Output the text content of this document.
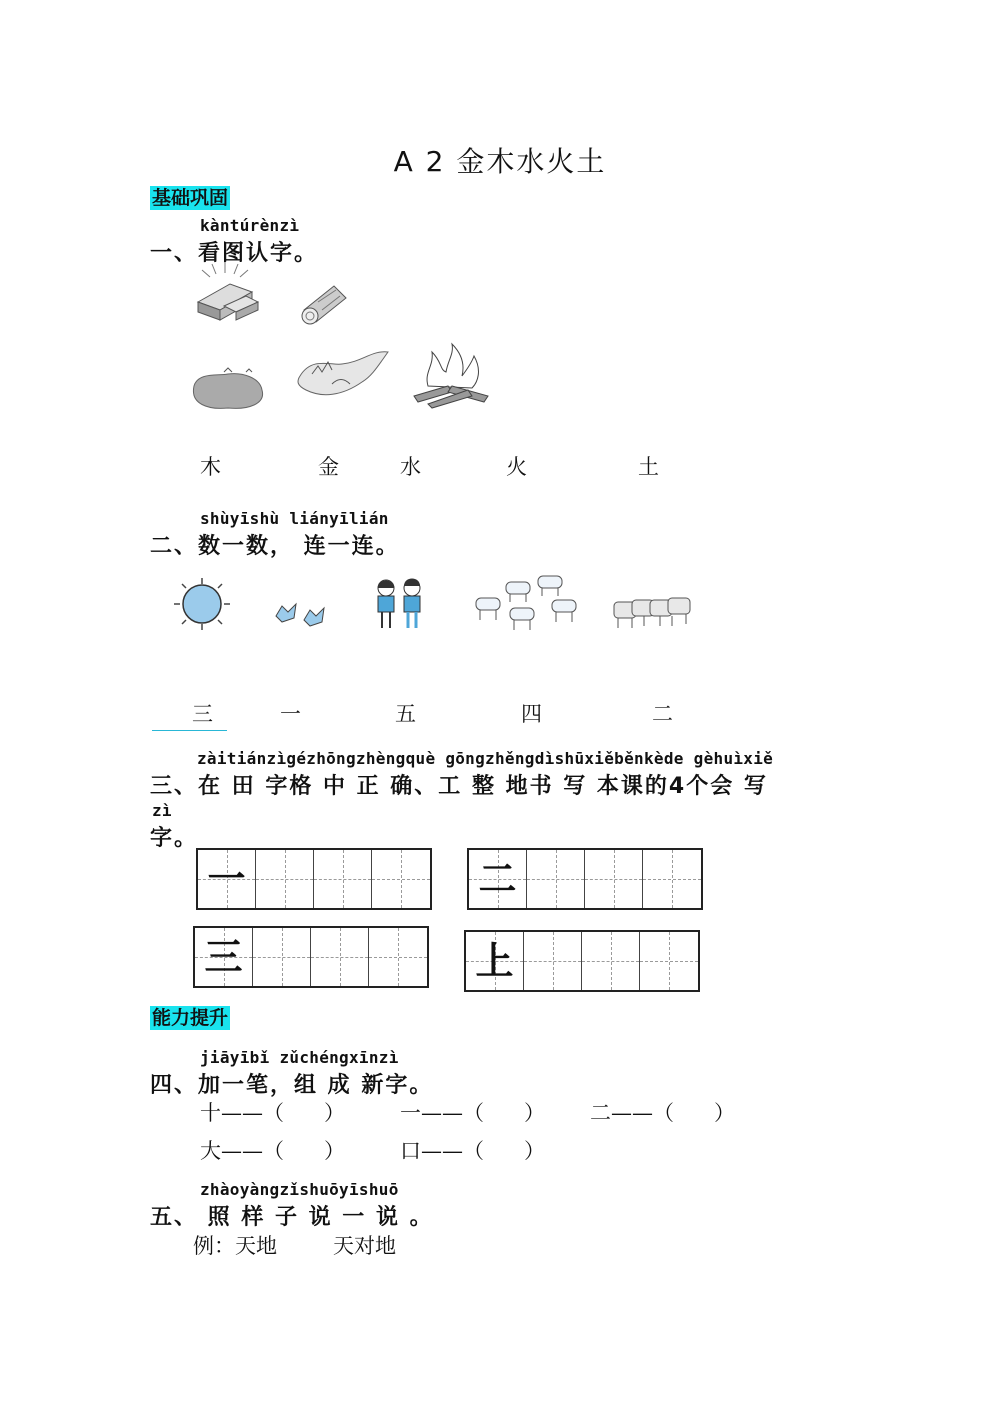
A 2 金木水火土
基础巩固
kàntúrènzì
一、看图认字。
木	金	水	火	土
shùyīshù liányīlián
二、数一数， 连一连。
三	一	五	四	二
zàitiánzìgézhōngzhèngquè gōngzhěngdìshūxiěběnkède gèhuìxiě
三、在 田 字格 中 正 确、工 整 地书 写 本课的4个会 写
zì
字。
一	二
三	上
能力提升
jiāyībǐ zǔchéngxīnzì
四、加一笔，组 成 新字。
十——（      ）	一——（      ） 二——（      ）
大——（      ）	口——（      ）
zhàoyàngzǐshuōyīshuō
五、 照 样 子 说 一 说 。
例：天地	天对地
